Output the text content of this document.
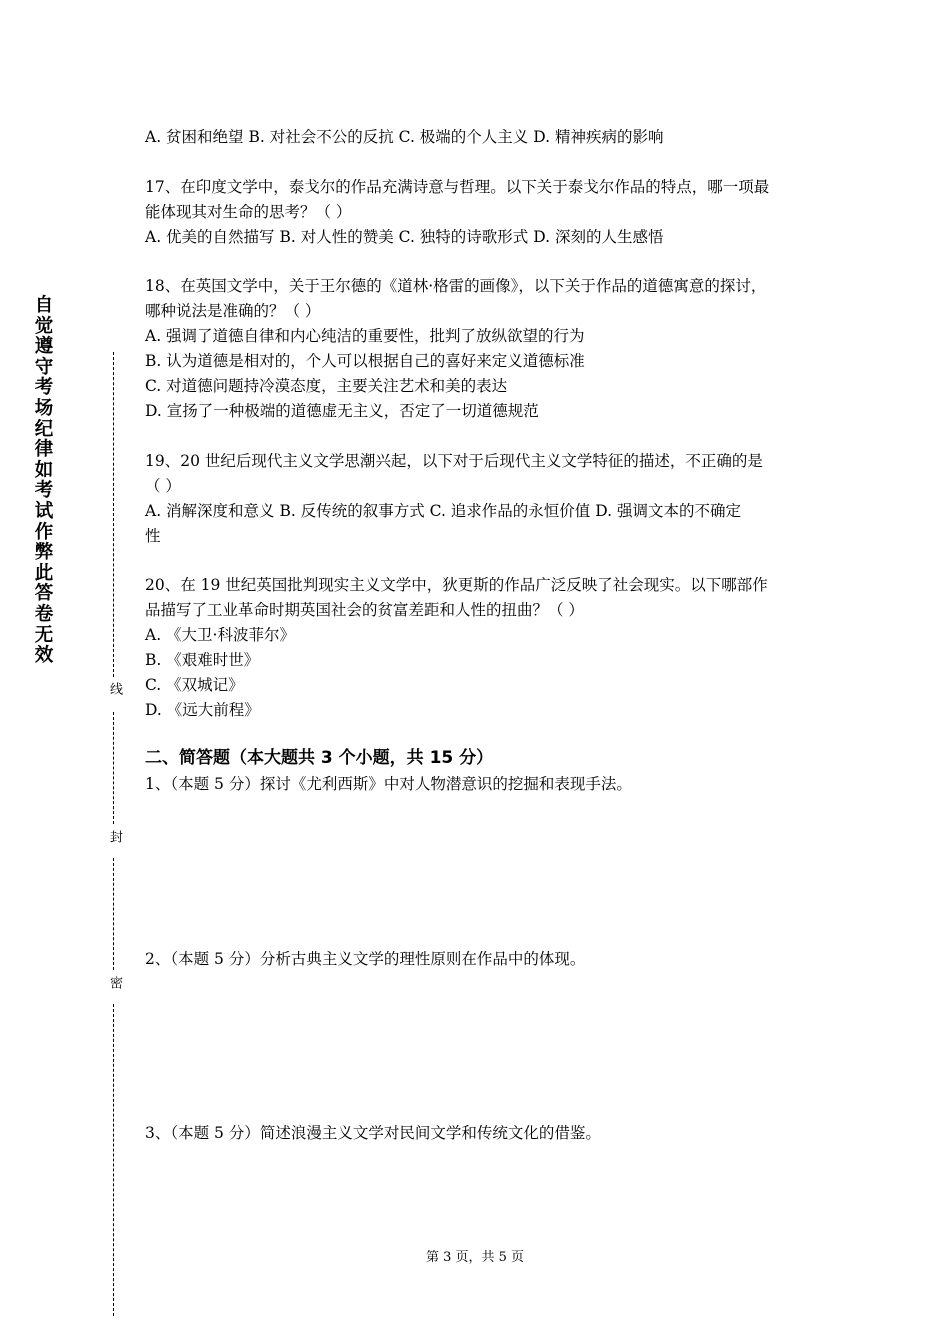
自
觉
遵
守
考
场
纪
律
如
考
试
作
弊
此
答
卷
无
效
线
封
密
A. 贫困和绝望 B. 对社会不公的反抗 C. 极端的个人主义 D. 精神疾病的影响
17、在印度文学中，泰戈尔的作品充满诗意与哲理。以下关于泰戈尔作品的特点，哪一项最
能体现其对生命的思考？（ ）
A. 优美的自然描写 B. 对人性的赞美 C. 独特的诗歌形式 D. 深刻的人生感悟
18、在英国文学中，关于王尔德的《道林·格雷的画像》，以下关于作品的道德寓意的探讨，
哪种说法是准确的？（ ）
A. 强调了道德自律和内心纯洁的重要性，批判了放纵欲望的行为
B. 认为道德是相对的，个人可以根据自己的喜好来定义道德标准
C. 对道德问题持冷漠态度，主要关注艺术和美的表达
D. 宣扬了一种极端的道德虚无主义，否定了一切道德规范
19、20 世纪后现代主义文学思潮兴起，以下对于后现代主义文学特征的描述，不正确的是
（ ）
A. 消解深度和意义 B. 反传统的叙事方式 C. 追求作品的永恒价值 D. 强调文本的不确定
性
20、在 19 世纪英国批判现实主义文学中，狄更斯的作品广泛反映了社会现实。以下哪部作
品描写了工业革命时期英国社会的贫富差距和人性的扭曲？（ ）
A. 《大卫·科波菲尔》
B. 《艰难时世》
C. 《双城记》
D. 《远大前程》
二、简答题（本大题共 3 个小题，共 15 分）
1、（本题 5 分）探讨《尤利西斯》中对人物潜意识的挖掘和表现手法。
2、（本题 5 分）分析古典主义文学的理性原则在作品中的体现。
3、（本题 5 分）简述浪漫主义文学对民间文学和传统文化的借鉴。
第 3 页，共 5 页
